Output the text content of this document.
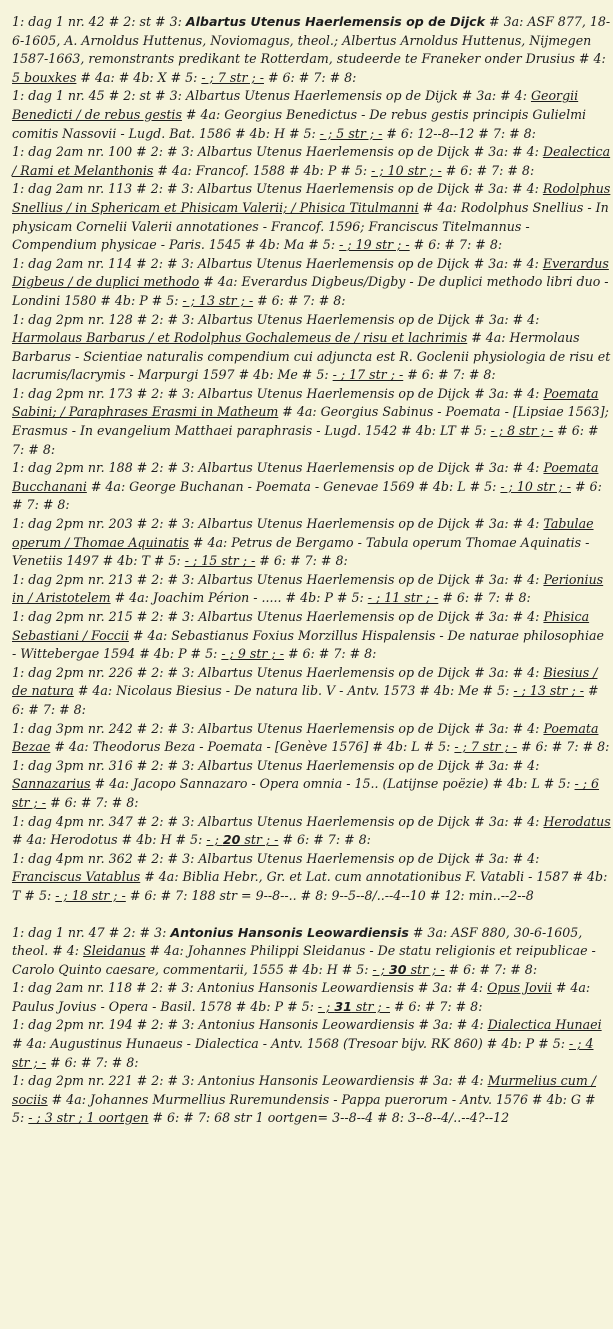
1: dag 1 nr. 42 # 2: st # 3: Albartus Utenus Haerlemensis op de Dijck # 3a: ASF 877, 18-6-1605, A. Arnoldus Huttenus, Noviomagus, theol.; Albertus Arnoldus Huttenus, Nijmegen 1587-1663, remonstrants predikant te Rotterdam, studeerde te Franeker onder Drusius # 4: 5 bouxkes # 4a: # 4b: X # 5: - ; 7 str ; - # 6: # 7: # 8:

1: dag 1 nr. 45 # 2: st # 3: Albartus Utenus Haerlemensis op de Dijck # 3a: # 4: Georgii Benedicti / de rebus gestis # 4a: Georgius Benedictus - De rebus gestis principis Gulielmi comitis Nassovii - Lugd. Bat. 1586 # 4b: H # 5: - ; 5 str ; - # 6: 12--8--12 # 7: # 8:

1: dag 2am nr. 100 # 2: # 3: Albartus Utenus Haerlemensis op de Dijck # 3a: # 4: Dealectica / Rami et Melanthonis # 4a: Francof. 1588 # 4b: P # 5: - ; 10 str ; - # 6: # 7: # 8:

1: dag 2am nr. 113 # 2: # 3: Albartus Utenus Haerlemensis op de Dijck # 3a: # 4: Rodolphus Snellius / in Sphericam et Phisicam Valerii; / Phisica Titulmanni # 4a: Rodolphus Snellius - In physicam Cornelii Valerii annotationes - Francof. 1596; Franciscus Titelmannus - Compendium physicae - Paris. 1545 # 4b: Ma # 5: - ; 19 str ; - # 6: # 7: # 8:

1: dag 2am nr. 114 # 2: # 3: Albartus Utenus Haerlemensis op de Dijck # 3a: # 4: Everardus Digbeus / de duplici methodo # 4a: Everardus Digbeus/Digby - De duplici methodo libri duo - Londini 1580 # 4b: P # 5: - ; 13 str ; - # 6: # 7: # 8:

1: dag 2pm nr. 128 # 2: # 3: Albartus Utenus Haerlemensis op de Dijck # 3a: # 4: Harmolaus Barbarus / et Rodolphus Gochalemeus de / risu et lachrimis # 4a: Hermolaus Barbarus - Scientiae naturalis compendium cui adjuncta est R. Goclenii physiologia de risu et lacrumis/lacrymis - Marpurgi 1597 # 4b: Me # 5: - ; 17 str ; - # 6: # 7: # 8:

1: dag 2pm nr. 173 # 2: # 3: Albartus Utenus Haerlemensis op de Dijck # 3a: # 4: Poemata Sabini; / Paraphrases Erasmi in Matheum # 4a: Georgius Sabinus - Poemata - [Lipsiae 1563]; Erasmus - In evangelium Matthaei paraphrasis - Lugd. 1542 # 4b: LT # 5: - ; 8 str ; - # 6: # 7: # 8:

1: dag 2pm nr. 188 # 2: # 3: Albartus Utenus Haerlemensis op de Dijck # 3a: # 4: Poemata Bucchanani # 4a: George Buchanan - Poemata - Genevae 1569 # 4b: L # 5: - ; 10 str ; - # 6: # 7: # 8:

1: dag 2pm nr. 203 # 2: # 3: Albartus Utenus Haerlemensis op de Dijck # 3a: # 4: Tabulae operum / Thomae Aquinatis # 4a: Petrus de Bergamo - Tabula operum Thomae Aquinatis - Venetiis 1497 # 4b: T # 5: - ; 15 str ; - # 6: # 7: # 8:

1: dag 2pm nr. 213 # 2: # 3: Albartus Utenus Haerlemensis op de Dijck # 3a: # 4: Perionius in / Aristotelem # 4a: Joachim Périon - ..... # 4b: P # 5: - ; 11 str ; - # 6: # 7: # 8:

1: dag 2pm nr. 215 # 2: # 3: Albartus Utenus Haerlemensis op de Dijck # 3a: # 4: Phisica Sebastiani / Foccii # 4a: Sebastianus Foxius Morzillus Hispalensis - De naturae philosophiae - Wittebergae 1594 # 4b: P # 5: - ; 9 str ; - # 6: # 7: # 8:

1: dag 2pm nr. 226 # 2: # 3: Albartus Utenus Haerlemensis op de Dijck # 3a: # 4: Biesius / de natura # 4a: Nicolaus Biesius - De natura lib. V - Antv. 1573 # 4b: Me # 5: - ; 13 str ; - # 6: # 7: # 8:

1: dag 3pm nr. 242 # 2: # 3: Albartus Utenus Haerlemensis op de Dijck # 3a: # 4: Poemata Bezae # 4a: Theodorus Beza - Poemata - [Genève 1576] # 4b: L # 5: - ; 7 str ; - # 6: # 7: # 8:

1: dag 3pm nr. 316 # 2: # 3: Albartus Utenus Haerlemensis op de Dijck # 3a: # 4: Sannazarius # 4a: Jacopo Sannazaro - Opera omnia - 15.. (Latijnse poëzie) # 4b: L # 5: - ; 6 str ; - # 6: # 7: # 8:

1: dag 4pm nr. 347 # 2: # 3: Albartus Utenus Haerlemensis op de Dijck # 3a: # 4: Herodatus # 4a: Herodotus # 4b: H # 5: - ; 20 str ; - # 6: # 7: # 8:

1: dag 4pm nr. 362 # 2: # 3: Albartus Utenus Haerlemensis op de Dijck # 3a: # 4: Franciscus Vatablus # 4a: Biblia Hebr., Gr. et Lat. cum annotationibus F. Vatabli - 1587 # 4b: T # 5: - ; 18 str ; - # 6: # 7: 188 str = 9--8--.. # 8: 9--5--8/..--4--10 # 12: min..--2--8

1: dag 1 nr. 47 # 2: # 3: Antonius Hansonis Leowardiensis # 3a: ASF 880, 30-6-1605, theol. # 4: Sleidanus # 4a: Johannes Philippi Sleidanus - De statu religionis et reipublicae - Carolo Quinto caesare, commentarii, 1555 # 4b: H # 5: - ; 30 str ; - # 6: # 7: # 8:

1: dag 2am nr. 118 # 2: # 3: Antonius Hansonis Leowardiensis # 3a: # 4: Opus Jovii # 4a: Paulus Jovius - Opera - Basil. 1578 # 4b: P # 5: - ; 31 str ; - # 6: # 7: # 8:

1: dag 2pm nr. 194 # 2: # 3: Antonius Hansonis Leowardiensis # 3a: # 4: Dialectica Hunaei # 4a: Augustinus Hunaeus - Dialectica - Antv. 1568 (Tresoar bijv. RK 860) # 4b: P # 5: - ; 4 str ; - # 6: # 7: # 8:

1: dag 2pm nr. 221 # 2: # 3: Antonius Hansonis Leowardiensis # 3a: # 4: Murmelius cum / sociis # 4a: Johannes Murmellius Ruremundensis - Pappa puerorum - Antv. 1576 # 4b: G # 5: - ; 3 str ; 1 oortgen # 6: # 7: 68 str 1 oortgen= 3--8--4 # 8: 3--8--4/..--4?--12
